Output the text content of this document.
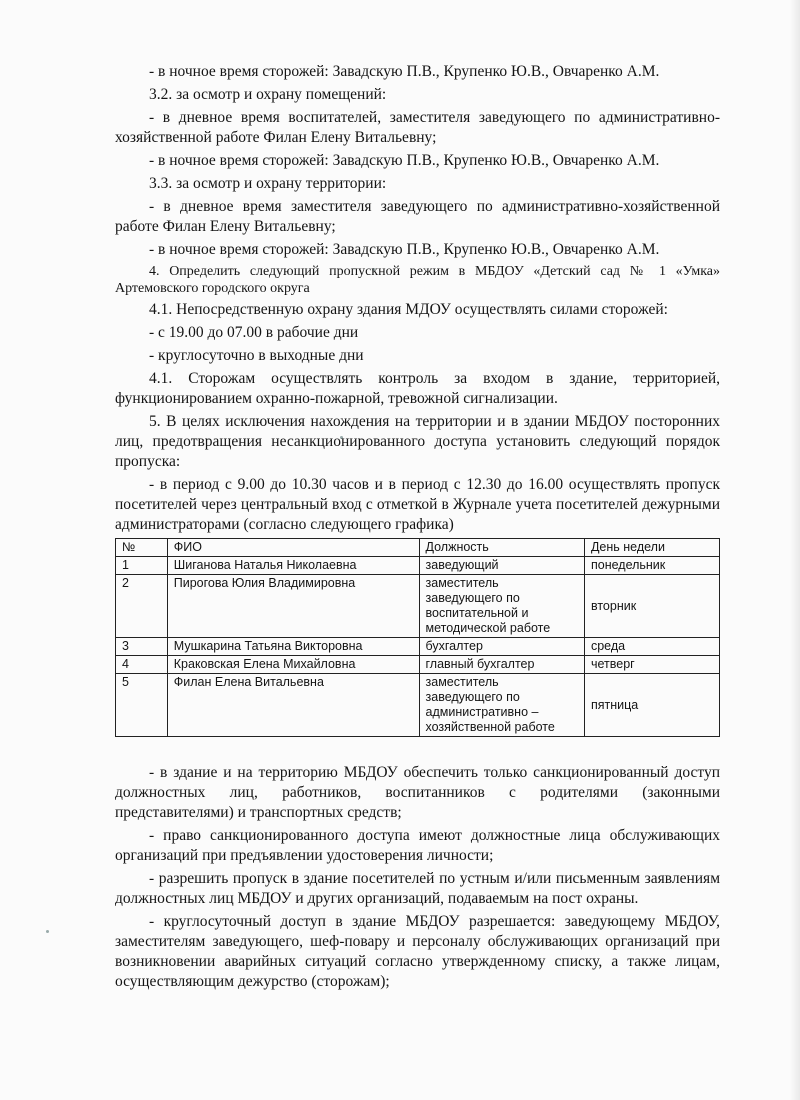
- в ночное время сторожей: Завадскую П.В., Крупенко Ю.В., Овчаренко А.М.

3.2. за осмотр и охрану помещений:

- в дневное время воспитателей, заместителя заведующего по административно-хозяйственной работе Филан Елену Витальевну;

- в ночное время сторожей: Завадскую П.В., Крупенко Ю.В., Овчаренко А.М.

3.3. за осмотр и охрану территории:

- в дневное время заместителя заведующего по административно-хозяйственной работе Филан Елену Витальевну;

- в ночное время сторожей: Завадскую П.В., Крупенко Ю.В., Овчаренко А.М.

4. Определить следующий пропускной режим в МБДОУ «Детский сад № 1 «Умка» Артемовского городского округа

4.1. Непосредственную охрану здания МДОУ осуществлять силами сторожей:

- с 19.00 до 07.00 в рабочие дни

- круглосуточно в выходные дни

4.1. Сторожам осуществлять контроль за входом в здание, территорией, функционированием охранно-пожарной, тревожной сигнализации.

5. В целях исключения нахождения на территории и в здании МБДОУ посторонних лиц, предотвращения несанкционированного доступа установить следующий порядок пропуска:

- в период с 9.00 до 10.30 часов и в период с 12.30 до 16.00 осуществлять пропуск посетителей через центральный вход с отметкой в Журнале учета посетителей дежурными администраторами (согласно следующего графика)

№	ФИО	Должность	День недели
1	Шиганова Наталья Николаевна	заведующий	понедельник
2	Пирогова Юлия Владимировна	заместитель заведующего по воспитательной и методической работе	вторник
3	Мушкарина Татьяна Викторовна	бухгалтер	среда
4	Краковская Елена Михайловна	главный бухгалтер	четверг
5	Филан Елена Витальевна	заместитель заведующего по административно – хозяйственной работе	пятница

- в здание и на территорию МБДОУ обеспечить только санкционированный доступ должностных лиц, работников, воспитанников с родителями (законными представителями) и транспортных средств;

- право санкционированного доступа имеют должностные лица обслуживающих организаций при предъявлении удостоверения личности;

- разрешить пропуск в здание посетителей по устным и/или письменным заявлениям должностных лиц МБДОУ и других организаций, подаваемым на пост охраны.

- круглосуточный доступ в здание МБДОУ разрешается: заведующему МБДОУ, заместителям заведующего, шеф-повару и персоналу обслуживающих организаций при возникновении аварийных ситуаций согласно утвержденному списку, а также лицам, осуществляющим дежурство (сторожам);
